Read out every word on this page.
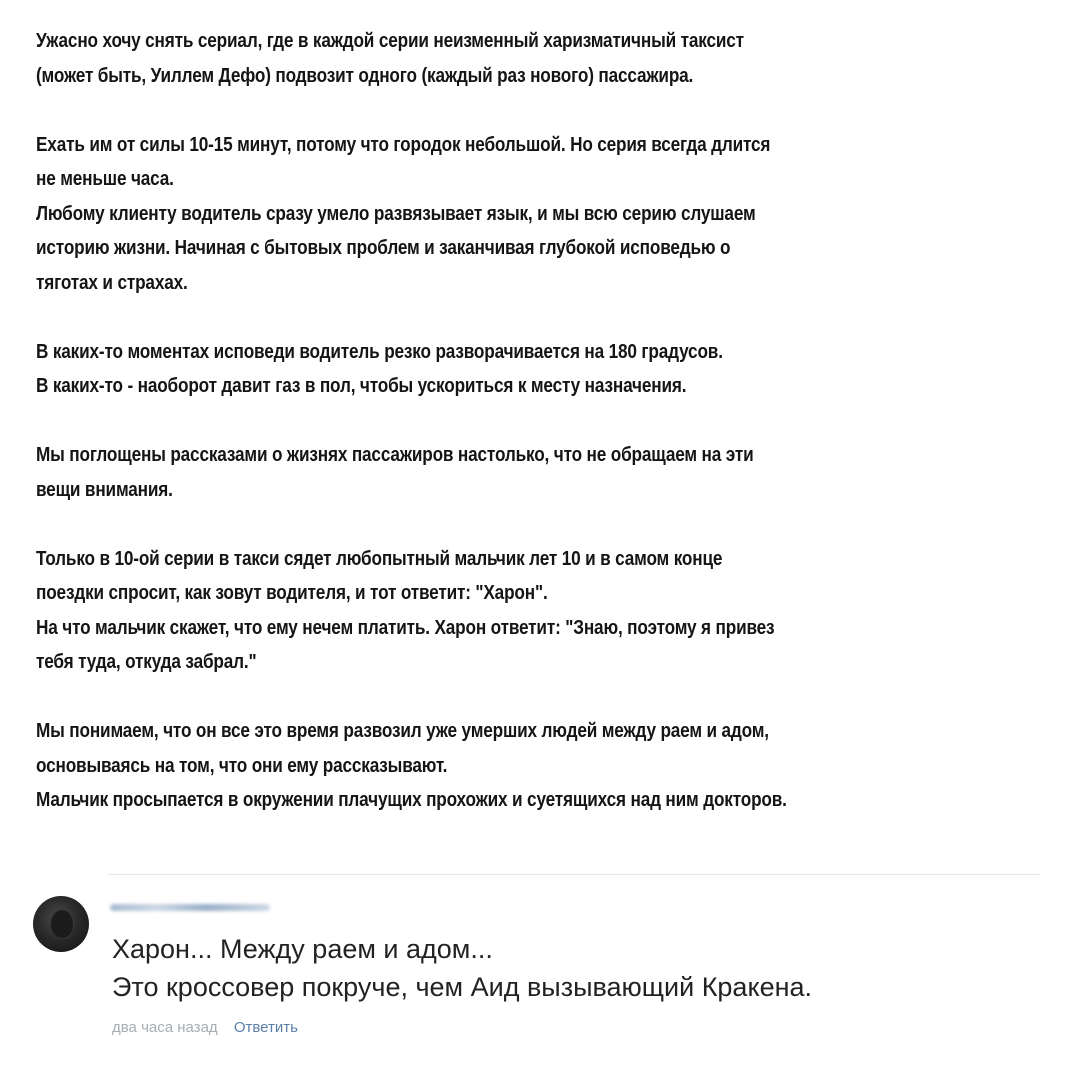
Ужасно хочу снять сериал, где в каждой серии неизменный харизматичный таксист
(может быть, Уиллем Дефо) подвозит одного (каждый раз нового) пассажира.

Ехать им от силы 10-15 минут, потому что городок небольшой. Но серия всегда длится
не меньше часа.
Любому клиенту водитель сразу умело развязывает язык, и мы всю серию слушаем
историю жизни. Начиная с бытовых проблем и заканчивая глубокой исповедью о
тяготах и страхах.

В каких-то моментах исповеди водитель резко разворачивается на 180 градусов.
В каких-то - наоборот давит газ в пол, чтобы ускориться к месту назначения.

Мы поглощены рассказами о жизнях пассажиров настолько, что не обращаем на эти
вещи внимания.

Только в 10-ой серии в такси сядет любопытный мальчик лет 10 и в самом конце
поездки спросит, как зовут водителя, и тот ответит: "Харон".
На что мальчик скажет, что ему нечем платить. Харон ответит: "Знаю, поэтому я привез
тебя туда, откуда забрал."

Мы понимаем, что он все это время развозил уже умерших людей между раем и адом,
основываясь на том, что они ему рассказывают.
Мальчик просыпается в окружении плачущих прохожих и суетящихся над ним докторов.

Харон... Между раем и адом...
Это кроссовер покруче, чем Аид вызывающий Кракена.
два часа назад Ответить
